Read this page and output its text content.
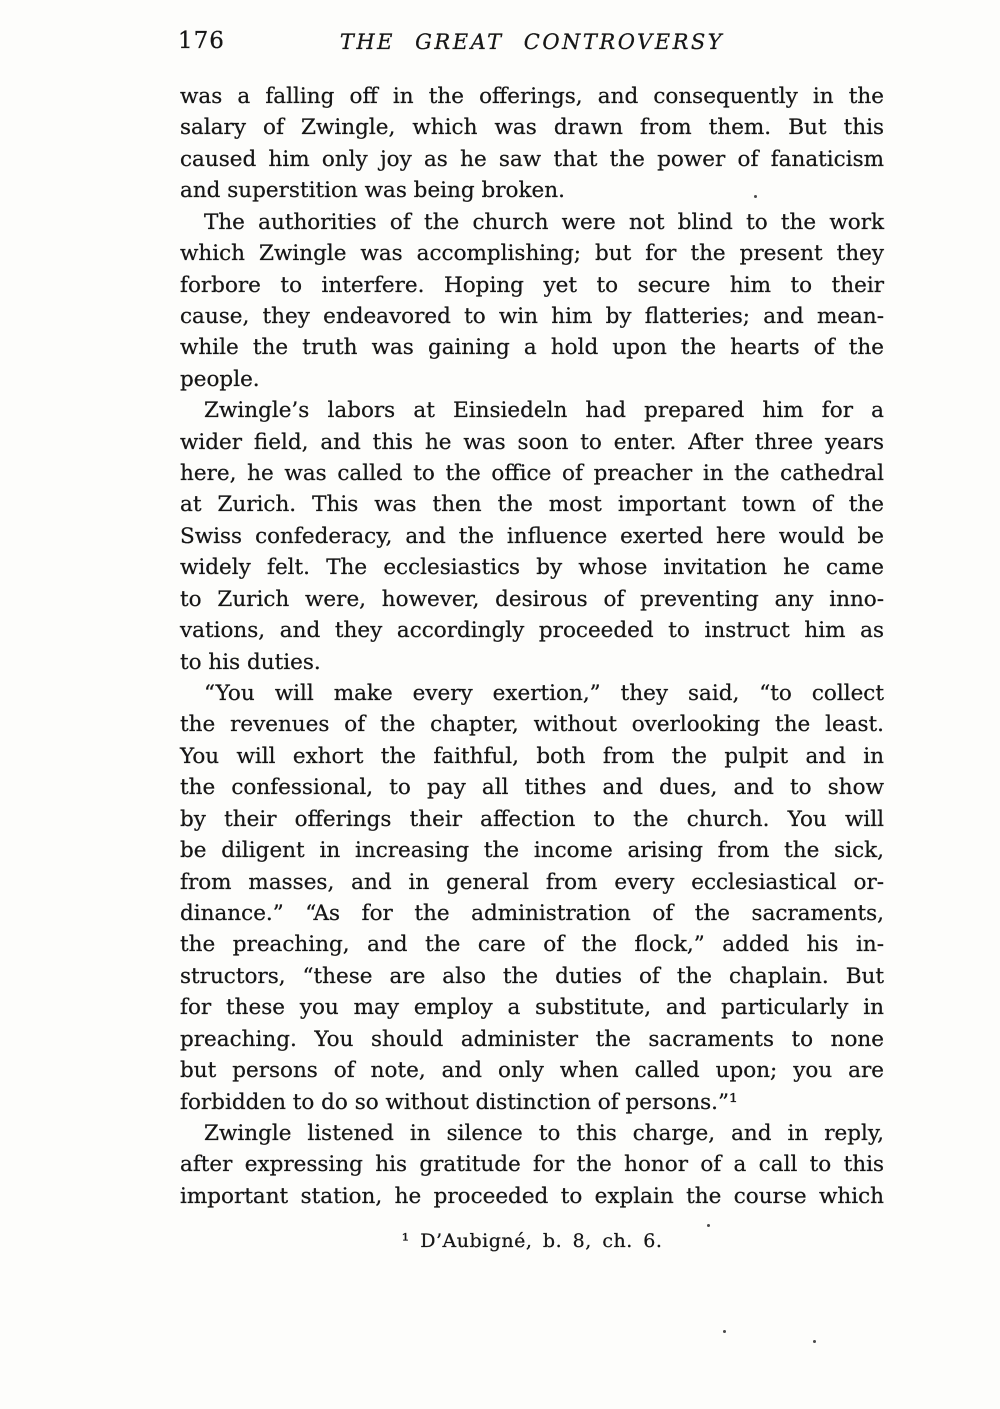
176	THE GREAT CONTROVERSY
was a falling off in the offerings, and consequently in the
salary of Zwingle, which was drawn from them. But this
caused him only joy as he saw that the power of fanaticism
and superstition was being broken.
The authorities of the church were not blind to the work
which Zwingle was accomplishing; but for the present they
forbore to interfere. Hoping yet to secure him to their
cause, they endeavored to win him by flatteries; and mean-
while the truth was gaining a hold upon the hearts of the
people.
Zwingle’s labors at Einsiedeln had prepared him for a
wider field, and this he was soon to enter. After three years
here, he was called to the office of preacher in the cathedral
at Zurich. This was then the most important town of the
Swiss confederacy, and the influence exerted here would be
widely felt. The ecclesiastics by whose invitation he came
to Zurich were, however, desirous of preventing any inno-
vations, and they accordingly proceeded to instruct him as
to his duties.
“You will make every exertion,” they said, “to collect
the revenues of the chapter, without overlooking the least.
You will exhort the faithful, both from the pulpit and in
the confessional, to pay all tithes and dues, and to show
by their offerings their affection to the church. You will
be diligent in increasing the income arising from the sick,
from masses, and in general from every ecclesiastical or-
dinance.” “As for the administration of the sacraments,
the preaching, and the care of the flock,” added his in-
structors, “these are also the duties of the chaplain. But
for these you may employ a substitute, and particularly in
preaching. You should administer the sacraments to none
but persons of note, and only when called upon; you are
forbidden to do so without distinction of persons.”¹
Zwingle listened in silence to this charge, and in reply,
after expressing his gratitude for the honor of a call to this
important station, he proceeded to explain the course which
¹ D’Aubigné, b. 8, ch. 6.
